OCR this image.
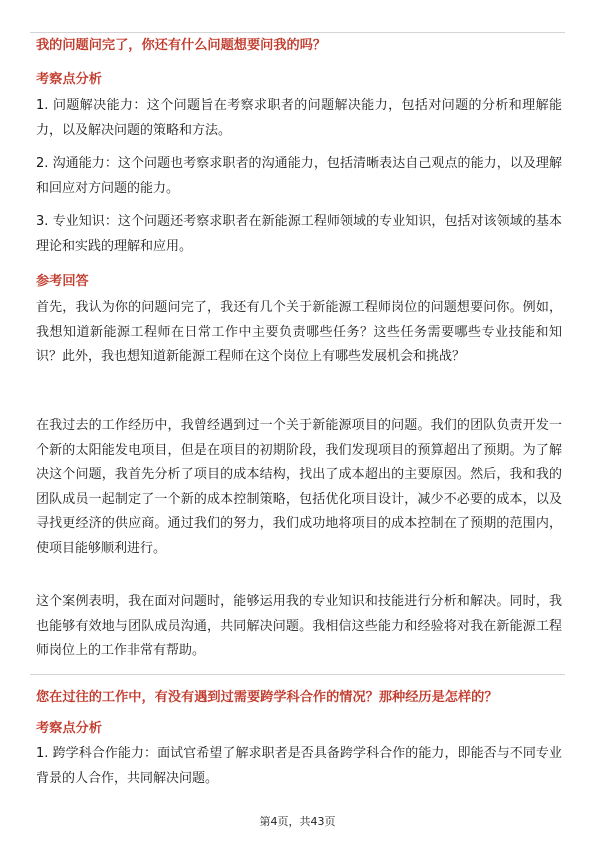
我的问题问完了，你还有什么问题想要问我的吗？
考察点分析
1. 问题解决能力：这个问题旨在考察求职者的问题解决能力，包括对问题的分析和理解能力，以及解决问题的策略和方法。
2. 沟通能力：这个问题也考察求职者的沟通能力，包括清晰表达自己观点的能力，以及理解和回应对方问题的能力。
3. 专业知识：这个问题还考察求职者在新能源工程师领域的专业知识，包括对该领域的基本理论和实践的理解和应用。
参考回答
首先，我认为你的问题问完了，我还有几个关于新能源工程师岗位的问题想要问你。例如，我想知道新能源工程师在日常工作中主要负责哪些任务？这些任务需要哪些专业技能和知识？此外，我也想知道新能源工程师在这个岗位上有哪些发展机会和挑战？
在我过去的工作经历中，我曾经遇到过一个关于新能源项目的问题。我们的团队负责开发一个新的太阳能发电项目，但是在项目的初期阶段，我们发现项目的预算超出了预期。为了解决这个问题，我首先分析了项目的成本结构，找出了成本超出的主要原因。然后，我和我的团队成员一起制定了一个新的成本控制策略，包括优化项目设计，减少不必要的成本，以及寻找更经济的供应商。通过我们的努力，我们成功地将项目的成本控制在了预期的范围内，使项目能够顺利进行。
这个案例表明，我在面对问题时，能够运用我的专业知识和技能进行分析和解决。同时，我也能够有效地与团队成员沟通，共同解决问题。我相信这些能力和经验将对我在新能源工程师岗位上的工作非常有帮助。
您在过往的工作中，有没有遇到过需要跨学科合作的情况？那种经历是怎样的？
考察点分析
1. 跨学科合作能力：面试官希望了解求职者是否具备跨学科合作的能力，即能否与不同专业背景的人合作，共同解决问题。
第4页，共43页
